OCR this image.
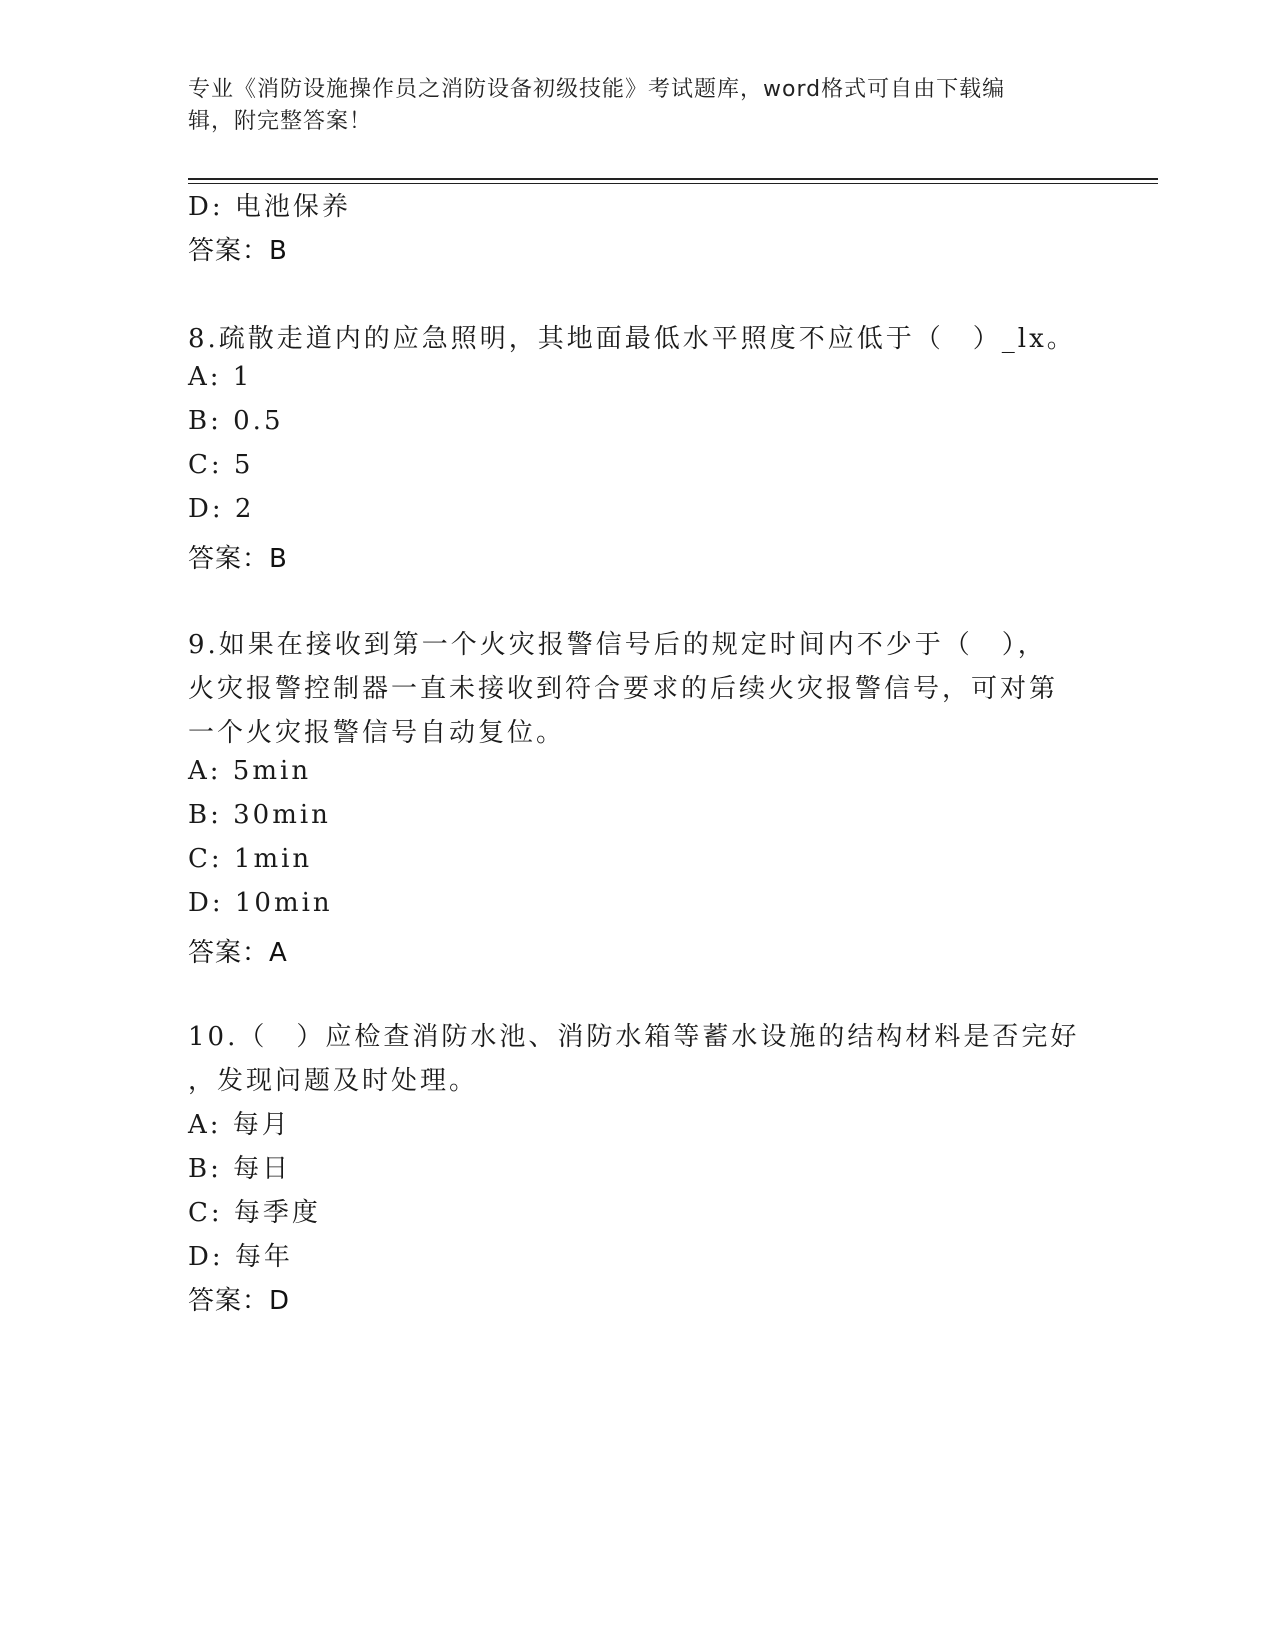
专业《消防设施操作员之消防设备初级技能》考试题库，word格式可自由下载编
辑，附完整答案！
D: 电池保养
答案：B
8.疏散走道内的应急照明，其地面最低水平照度不应低于（　）_lx。
A: 1
B: 0.5
C: 5
D: 2
答案：B
9.如果在接收到第一个火灾报警信号后的规定时间内不少于（　），
火灾报警控制器一直未接收到符合要求的后续火灾报警信号，可对第
一个火灾报警信号自动复位。
A: 5min
B: 30min
C: 1min
D: 10min
答案：A
10.（　）应检查消防水池、消防水箱等蓄水设施的结构材料是否完好
，发现问题及时处理。
A: 每月
B: 每日
C: 每季度
D: 每年
答案：D
